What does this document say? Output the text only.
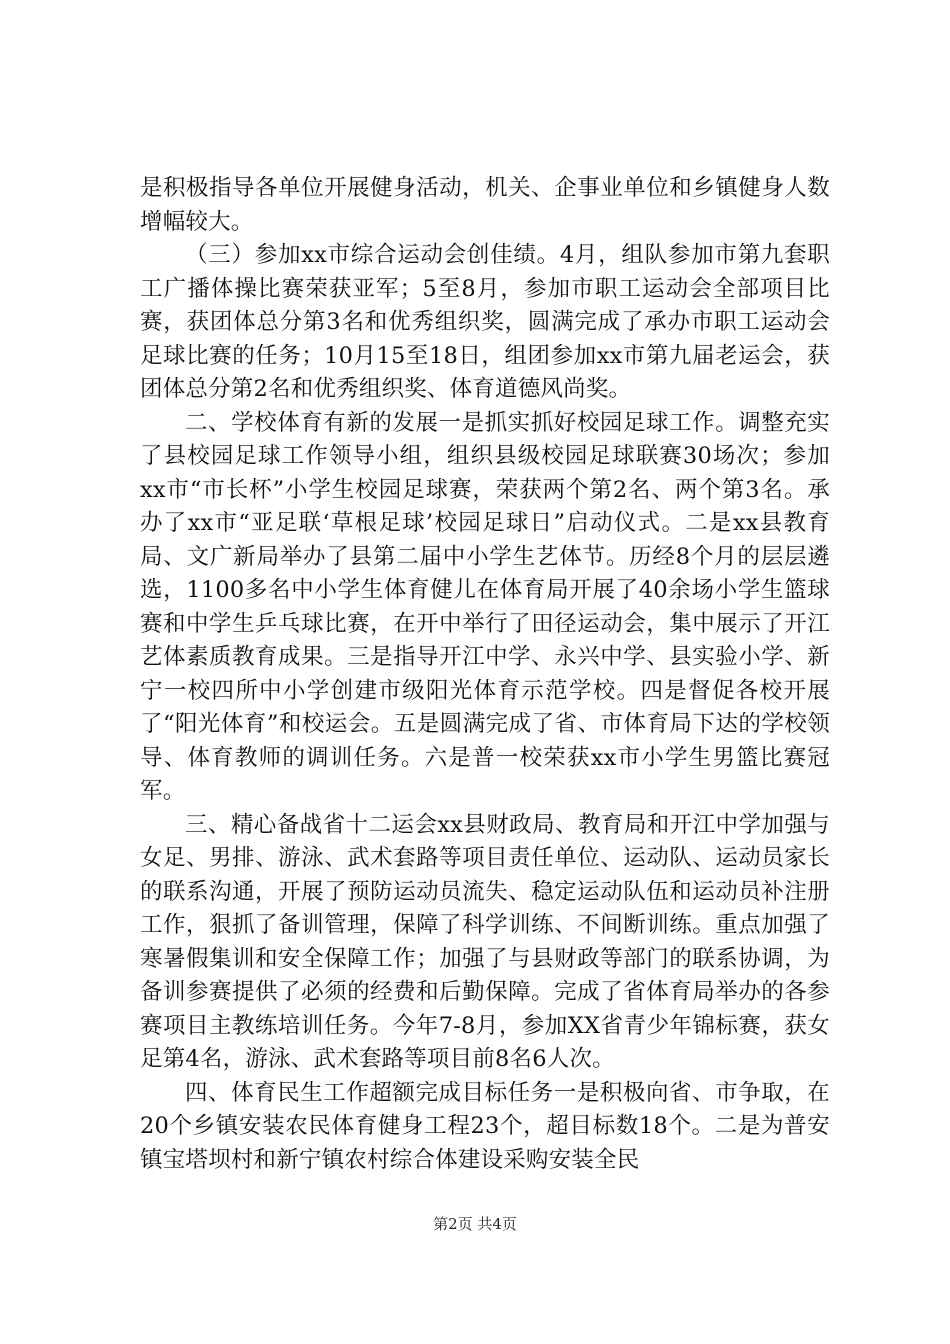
是积极指导各单位开展健身活动，机关、企事业单位和乡镇健身人数增幅较大。

（三）参加xx市综合运动会创佳绩。4月，组队参加市第九套职工广播体操比赛荣获亚军；5至8月，参加市职工运动会全部项目比赛，获团体总分第3名和优秀组织奖，圆满完成了承办市职工运动会足球比赛的任务；10月15至18日，组团参加xx市第九届老运会，获团体总分第2名和优秀组织奖、体育道德风尚奖。

二、学校体育有新的发展一是抓实抓好校园足球工作。调整充实了县校园足球工作领导小组，组织县级校园足球联赛30场次；参加xx市“市长杯”小学生校园足球赛，荣获两个第2名、两个第3名。承办了xx市“亚足联‘草根足球’校园足球日”启动仪式。二是xx县教育局、文广新局举办了县第二届中小学生艺体节。历经8个月的层层遴选，1100多名中小学生体育健儿在体育局开展了40余场小学生篮球赛和中学生乒乓球比赛，在开中举行了田径运动会，集中展示了开江艺体素质教育成果。三是指导开江中学、永兴中学、县实验小学、新宁一校四所中小学创建市级阳光体育示范学校。四是督促各校开展了“阳光体育”和校运会。五是圆满完成了省、市体育局下达的学校领导、体育教师的调训任务。六是普一校荣获xx市小学生男篮比赛冠军。

三、精心备战省十二运会xx县财政局、教育局和开江中学加强与女足、男排、游泳、武术套路等项目责任单位、运动队、运动员家长的联系沟通，开展了预防运动员流失、稳定运动队伍和运动员补注册工作，狠抓了备训管理，保障了科学训练、不间断训练。重点加强了寒暑假集训和安全保障工作；加强了与县财政等部门的联系协调，为备训参赛提供了必须的经费和后勤保障。完成了省体育局举办的各参赛项目主教练培训任务。今年7-8月，参加XX省青少年锦标赛，获女足第4名，游泳、武术套路等项目前8名6人次。

四、体育民生工作超额完成目标任务一是积极向省、市争取，在20个乡镇安装农民体育健身工程23个，超目标数18个。二是为普安镇宝塔坝村和新宁镇农村综合体建设采购安装全民

第2页 共4页
